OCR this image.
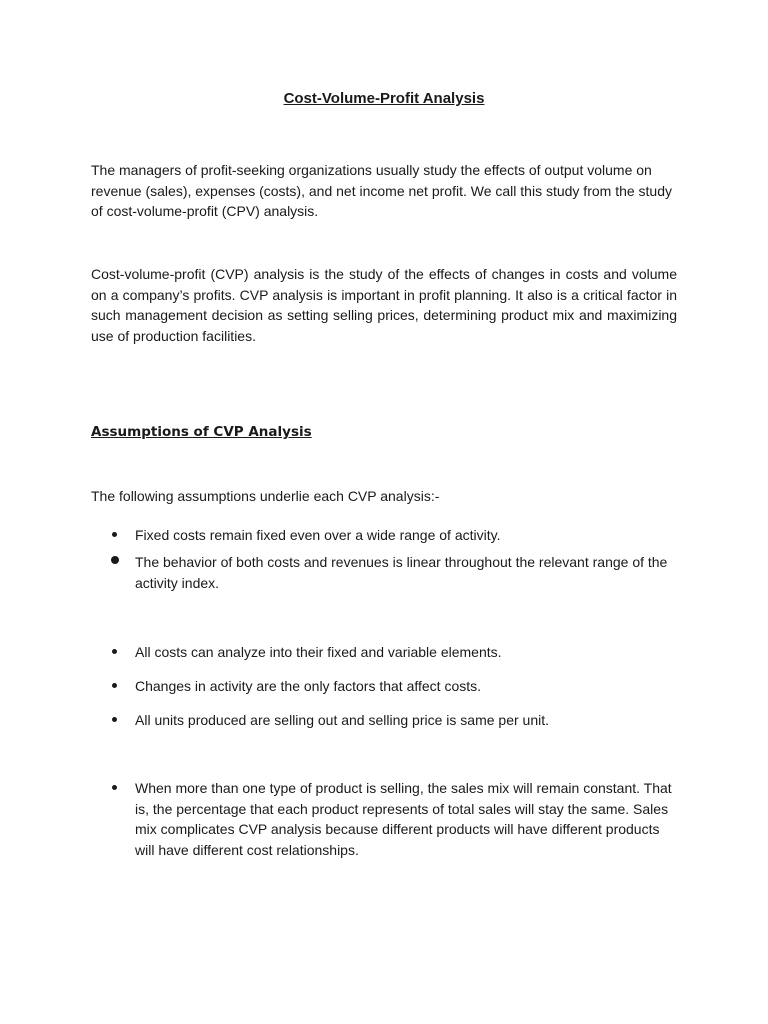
Cost-Volume-Profit Analysis

The managers of profit-seeking organizations usually study the effects of output volume on revenue (sales), expenses (costs), and net income net profit. We call this study from the study of cost-volume-profit (CPV) analysis.

Cost-volume-profit (CVP) analysis is the study of the effects of changes in costs and volume on a company’s profits. CVP analysis is important in profit planning. It also is a critical factor in such management decision as setting selling prices, determining product mix and maximizing use of production facilities.

Assumptions of CVP Analysis

The following assumptions underlie each CVP analysis:-

Fixed costs remain fixed even over a wide range of activity.
The behavior of both costs and revenues is linear throughout the relevant range of the activity index.
All costs can analyze into their fixed and variable elements.
Changes in activity are the only factors that affect costs.
All units produced are selling out and selling price is same per unit.
When more than one type of product is selling, the sales mix will remain constant. That is, the percentage that each product represents of total sales will stay the same. Sales mix complicates CVP analysis because different products will have different products will have different cost relationships.
